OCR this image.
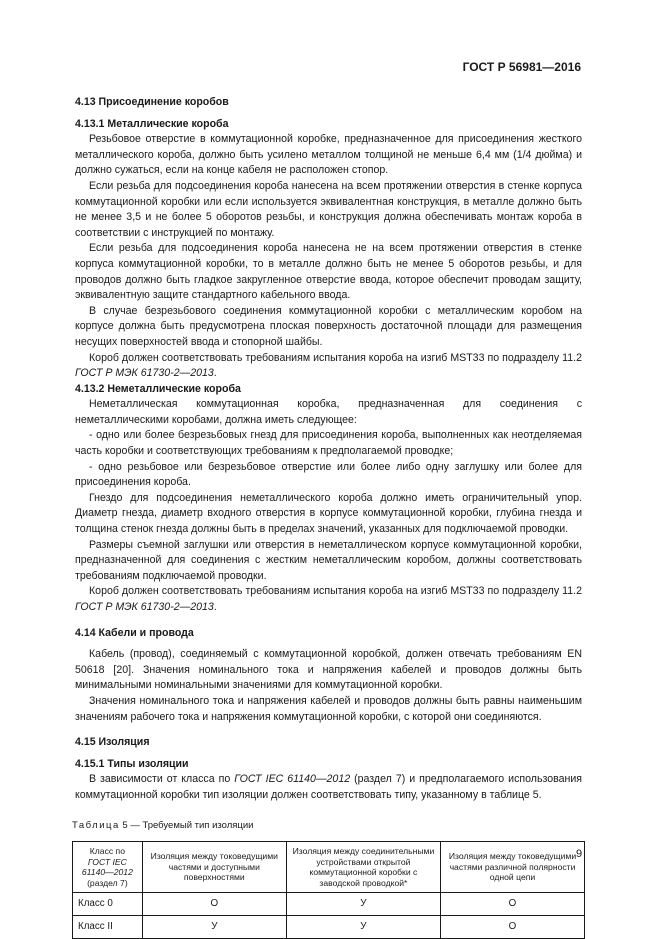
ГОСТ Р 56981—2016
4.13 Присоединение коробов
4.13.1 Металлические короба

Резьбовое отверстие в коммутационной коробке, предназначенное для присоединения жесткого металлического короба, должно быть усилено металлом толщиной не меньше 6,4 мм (1/4 дюйма) и должно сужаться, если на конце кабеля не расположен стопор.

Если резьба для подсоединения короба нанесена на всем протяжении отверстия в стенке корпуса коммутационной коробки или если используется эквивалентная конструкция, в металле должно быть не менее 3,5 и не более 5 оборотов резьбы, и конструкция должна обеспечивать монтаж короба в соответствии с инструкцией по монтажу.

Если резьба для подсоединения короба нанесена не на всем протяжении отверстия в стенке корпуса коммутационной коробки, то в металле должно быть не менее 5 оборотов резьбы, и для проводов должно быть гладкое закругленное отверстие ввода, которое обеспечит проводам защиту, эквивалентную защите стандартного кабельного ввода.

В случае безрезьбового соединения коммутационной коробки с металлическим коробом на корпусе должна быть предусмотрена плоская поверхность достаточной площади для размещения несущих поверхностей ввода и стопорной шайбы.

Короб должен соответствовать требованиям испытания короба на изгиб MST33 по подразделу 11.2 ГОСТ Р МЭК 61730-2—2013.

4.13.2 Неметаллические короба

Неметаллическая коммутационная коробка, предназначенная для соединения с неметаллическими коробами, должна иметь следующее:

- одно или более безрезьбовых гнезд для присоединения короба, выполненных как неотделяемая часть коробки и соответствующих требованиям к предполагаемой проводке;

- одно резьбовое или безрезьбовое отверстие или более либо одну заглушку или более для присоединения короба.

Гнездо для подсоединения неметаллического короба должно иметь ограничительный упор. Диаметр гнезда, диаметр входного отверстия в корпусе коммутационной коробки, глубина гнезда и толщина стенок гнезда должны быть в пределах значений, указанных для подключаемой проводки.

Размеры съемной заглушки или отверстия в неметаллическом корпусе коммутационной коробки, предназначенной для соединения с жестким неметаллическим коробом, должны соответствовать требованиям подключаемой проводки.

Короб должен соответствовать требованиям испытания короба на изгиб MST33 по подразделу 11.2 ГОСТ Р МЭК 61730-2—2013.

4.14 Кабели и провода

Кабель (провод), соединяемый с коммутационной коробкой, должен отвечать требованиям EN 50618 [20]. Значения номинального тока и напряжения кабелей и проводов должны быть минимальными номинальными значениями для коммутационной коробки.

Значения номинального тока и напряжения кабелей и проводов должны быть равны наименьшим значениям рабочего тока и напряжения коммутационной коробки, с которой они соединяются.

4.15 Изоляция
4.15.1 Типы изоляции

В зависимости от класса по ГОСТ IEC 61140—2012 (раздел 7) и предполагаемого использования коммутационной коробки тип изоляции должен соответствовать типу, указанному в таблице 5.

Таблица 5 — Требуемый тип изоляции
Класс по
ГОСТ IEC 61140—2012 (раздел 7)	Изоляция между токоведущими частями и доступными поверхностями	Изоляция между соединительными устройствами открытой коммутационной коробки с заводской проводкой*	Изоляция между токоведущими частями различной полярности одной цепи
Класс 0	О	У	О
Класс II	У	У	О
9
